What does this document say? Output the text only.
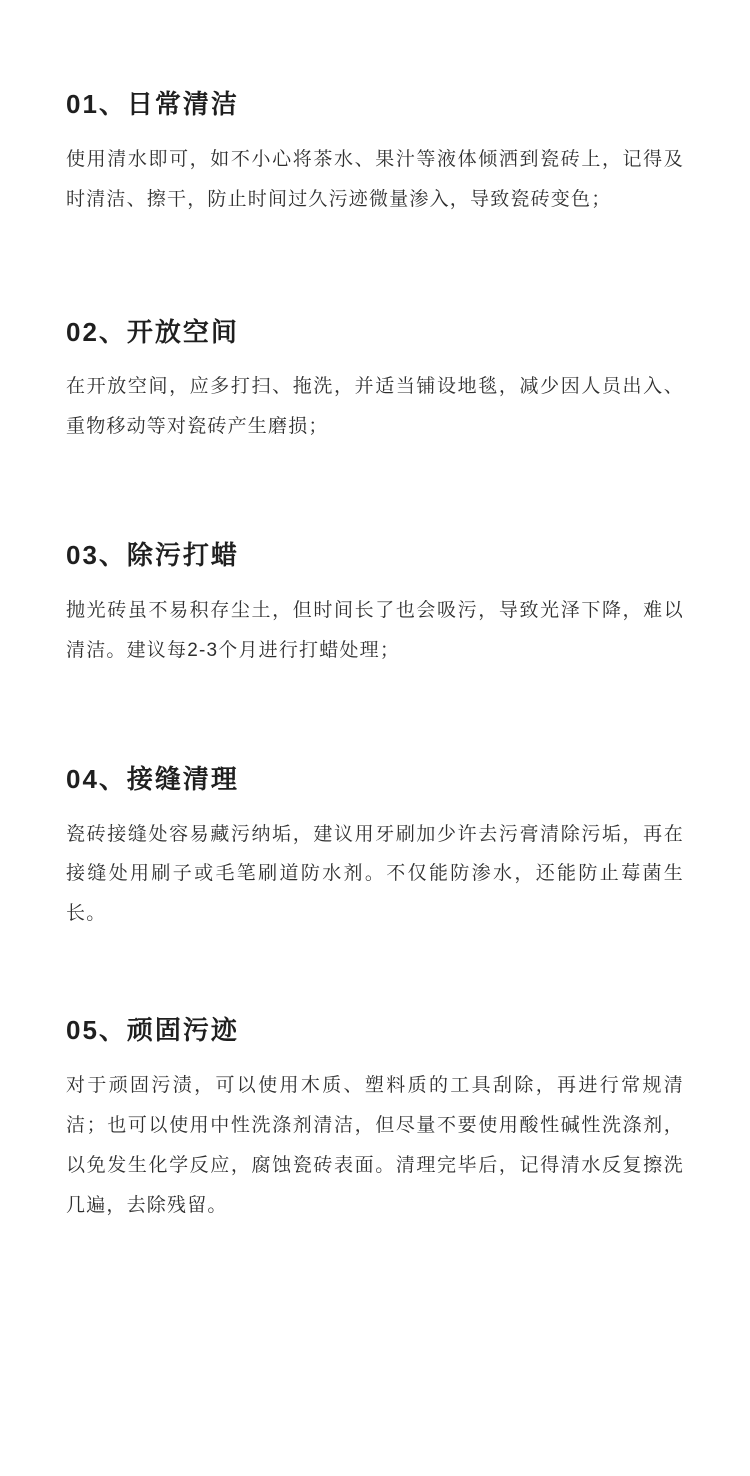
01、日常清洁

使用清水即可，如不小心将茶水、果汁等液体倾洒到瓷砖上，记得及时清洁、擦干，防止时间过久污迹微量渗入，导致瓷砖变色；

02、开放空间

在开放空间，应多打扫、拖洗，并适当铺设地毯，减少因人员出入、重物移动等对瓷砖产生磨损；

03、除污打蜡

抛光砖虽不易积存尘土，但时间长了也会吸污，导致光泽下降，难以清洁。建议每2-3个月进行打蜡处理；

04、接缝清理

瓷砖接缝处容易藏污纳垢，建议用牙刷加少许去污膏清除污垢，再在接缝处用刷子或毛笔刷道防水剂。不仅能防渗水，还能防止莓菌生长。

05、顽固污迹

对于顽固污渍，可以使用木质、塑料质的工具刮除，再进行常规清洁；也可以使用中性洗涤剂清洁，但尽量不要使用酸性碱性洗涤剂，以免发生化学反应，腐蚀瓷砖表面。清理完毕后，记得清水反复擦洗几遍，去除残留。
